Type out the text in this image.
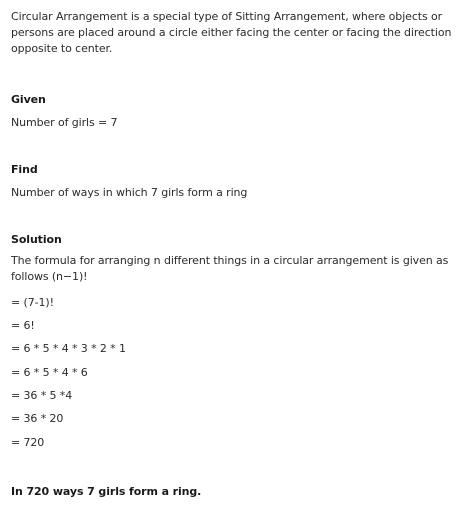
Circular Arrangement is a special type of Sitting Arrangement, where objects or persons are placed around a circle either facing the center or facing the direction opposite to center.
Given
Number of girls = 7
Find
Number of ways in which 7 girls form a ring
Solution
The formula for arranging n different things in a circular arrangement is given as follows (n−1)!
= (7-1)!
= 6!
= 6 * 5 * 4 * 3 * 2 * 1
= 6 * 5 * 4 * 6
= 36 * 5 *4
= 36 * 20
= 720
In 720 ways 7 girls form a ring.
